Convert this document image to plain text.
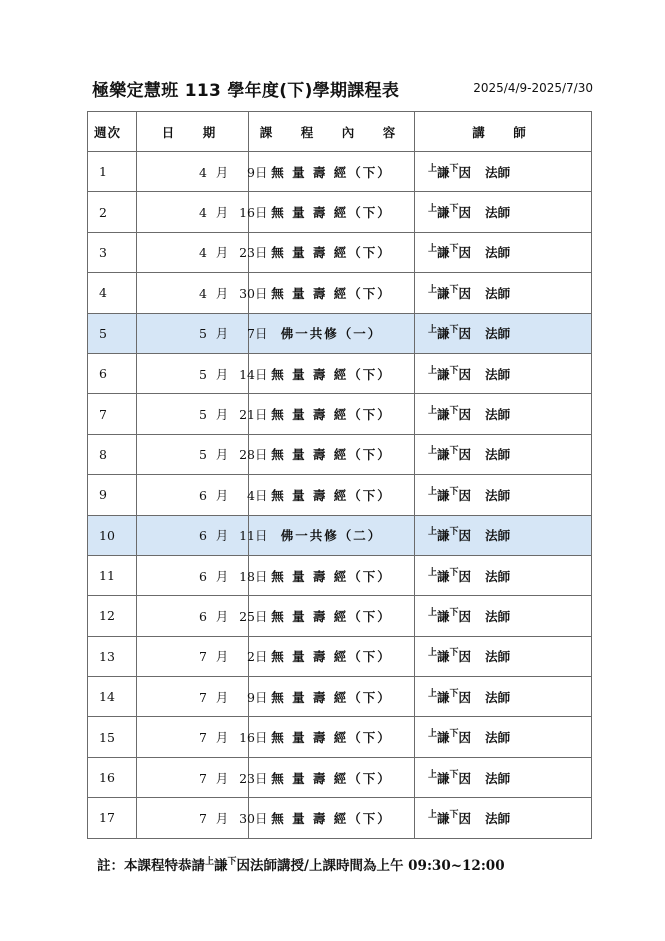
極樂定慧班 113 學年度(下)學期課程表	2025/4/9-2025/7/30
週次	日　期	課　程　內　容	講　師
1	4 月 9日	無 量 壽 經（下）	$^上$謙$^下$因 法師
2	4 月 16日	無 量 壽 經（下）	$^上$謙$^下$因 法師
3	4 月 23日	無 量 壽 經（下）	$^上$謙$^下$因 法師
4	4 月 30日	無 量 壽 經（下）	$^上$謙$^下$因 法師
5	5 月 7日	佛一共修（一）	$^上$謙$^下$因 法師
6	5 月 14日	無 量 壽 經（下）	$^上$謙$^下$因 法師
7	5 月 21日	無 量 壽 經（下）	$^上$謙$^下$因 法師
8	5 月 28日	無 量 壽 經（下）	$^上$謙$^下$因 法師
9	6 月 4日	無 量 壽 經（下）	$^上$謙$^下$因 法師
10	6 月 11日	佛一共修（二）	$^上$謙$^下$因 法師
11	6 月 18日	無 量 壽 經（下）	$^上$謙$^下$因 法師
12	6 月 25日	無 量 壽 經（下）	$^上$謙$^下$因 法師
13	7 月 2日	無 量 壽 經（下）	$^上$謙$^下$因 法師
14	7 月 9日	無 量 壽 經（下）	$^上$謙$^下$因 法師
15	7 月 16日	無 量 壽 經（下）	$^上$謙$^下$因 法師
16	7 月 23日	無 量 壽 經（下）	$^上$謙$^下$因 法師
17	7 月 30日	無 量 壽 經（下）	$^上$謙$^下$因 法師
註：本課程特恭請$^上$謙$^下$因法師講授/上課時間為上午 09:30~12:00
